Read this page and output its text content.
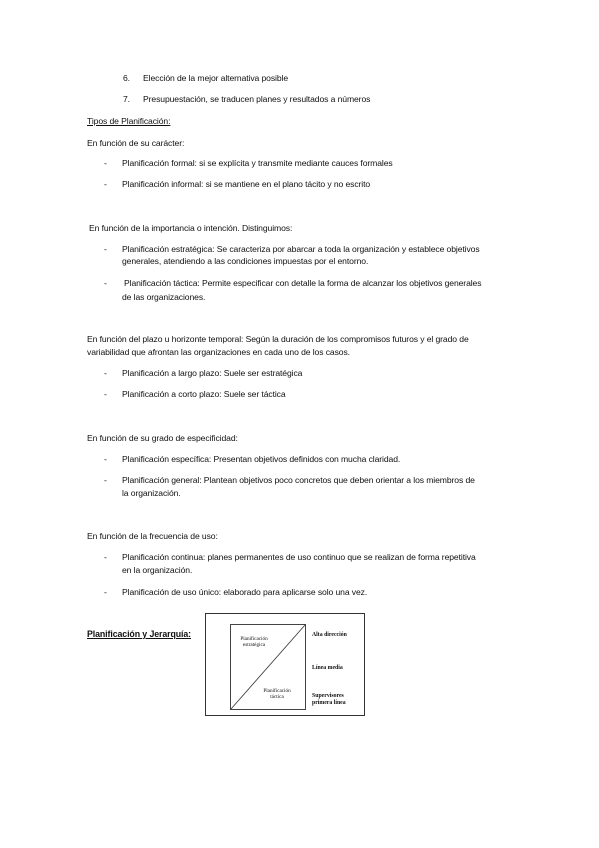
6. Elección de la mejor alternativa posible
7. Presupuestación, se traducen planes y resultados a números
Tipos de Planificación:
En función de su carácter:
- Planificación formal: si se explícita y transmite mediante cauces formales
- Planificación informal: si se mantiene en el plano tácito y no escrito
En función de la importancia o intención. Distinguimos:
- Planificación estratégica: Se caracteriza por abarcar a toda la organización y establece objetivos
generales, atendiendo a las condiciones impuestas por el entorno.
- Planificación táctica: Permite especificar con detalle la forma de alcanzar los objetivos generales
de las organizaciones.
En función del plazo u horizonte temporal: Según la duración de los compromisos futuros y el grado de
variabilidad que afrontan las organizaciones en cada uno de los casos.
- Planificación a largo plazo: Suele ser estratégica
- Planificación a corto plazo: Suele ser táctica
En función de su grado de especificidad:
- Planificación específica: Presentan objetivos definidos con mucha claridad.
- Planificación general: Plantean objetivos poco concretos que deben orientar a los miembros de
la organización.
En función de la frecuencia de uso:
- Planificación continua: planes permanentes de uso continuo que se realizan de forma repetitiva
en la organización.
- Planificación de uso único: elaborado para aplicarse solo una vez.
Planificación y Jerarquía:	Planificación
estratégica
Planificación
táctica
Alta dirección
Línea media
Supervisores
primera línea
